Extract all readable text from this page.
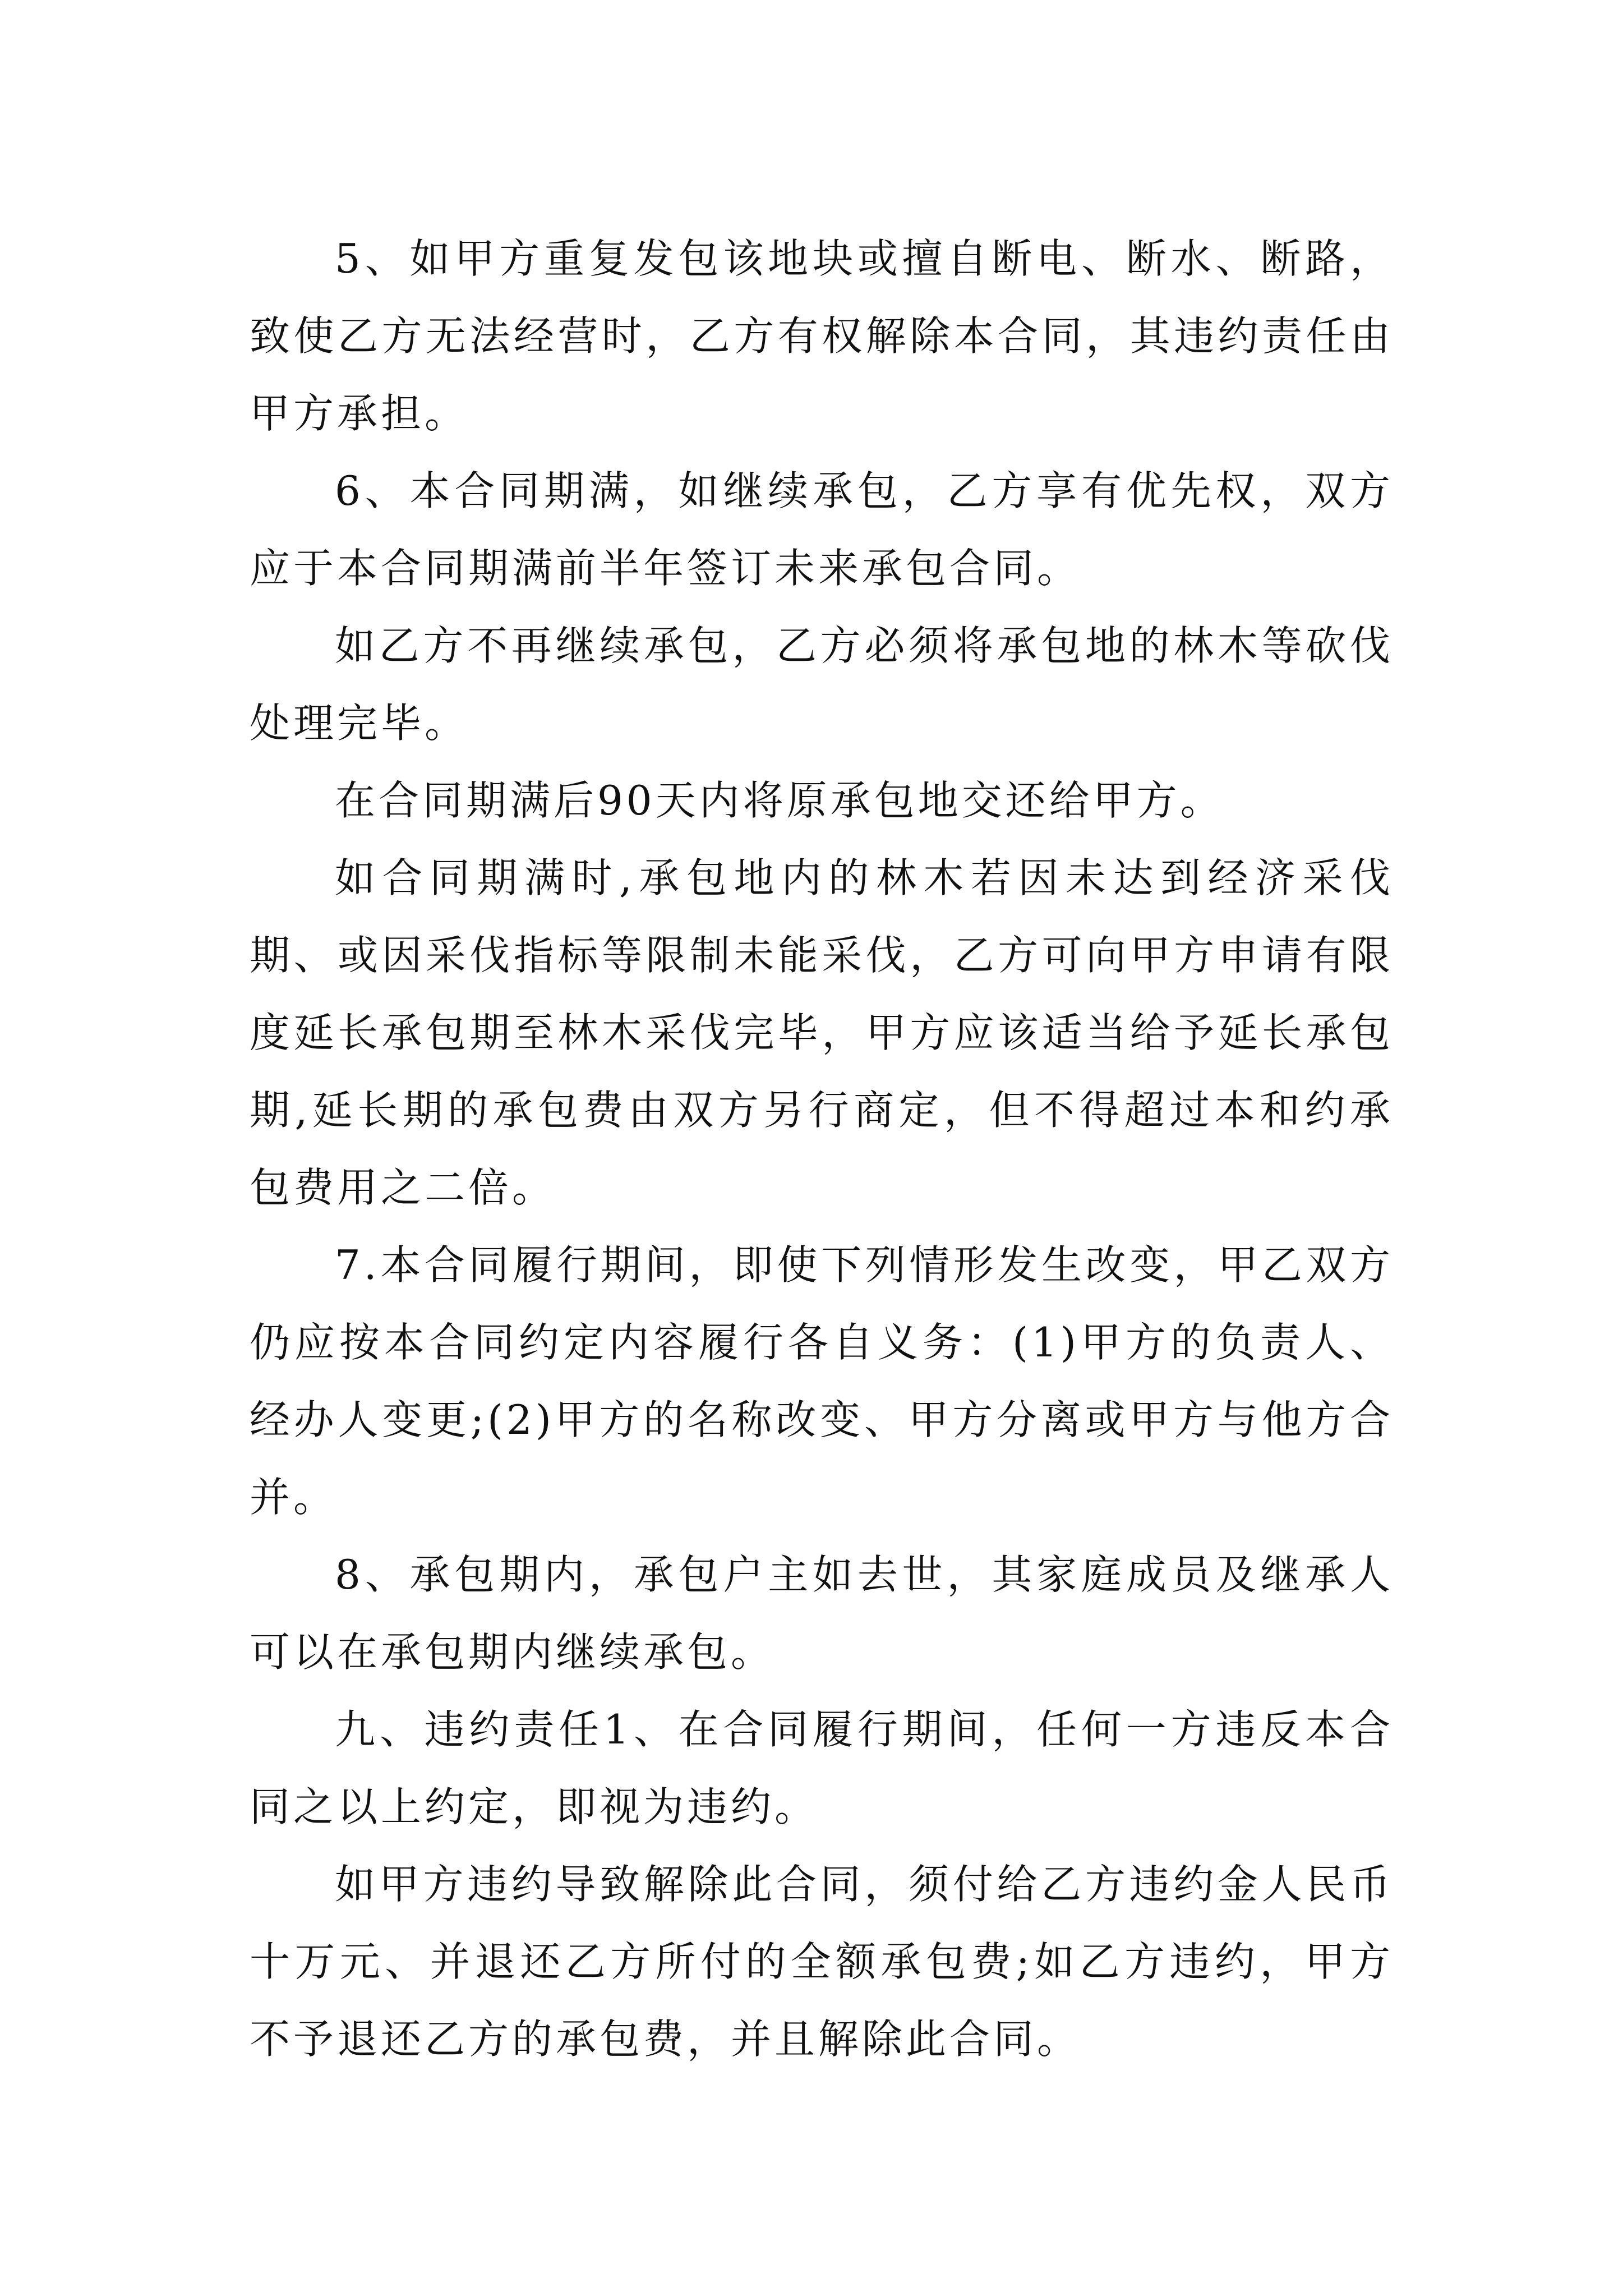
5、如甲方重复发包该地块或擅自断电、断水、断路，致使乙方无法经营时，乙方有权解除本合同，其违约责任由甲方承担。

6、本合同期满，如继续承包，乙方享有优先权，双方应于本合同期满前半年签订未来承包合同。

如乙方不再继续承包，乙方必须将承包地的林木等砍伐处理完毕。

在合同期满后90天内将原承包地交还给甲方。

如合同期满时,承包地内的林木若因未达到经济采伐期、或因采伐指标等限制未能采伐，乙方可向甲方申请有限度延长承包期至林木采伐完毕，甲方应该适当给予延长承包期,延长期的承包费由双方另行商定，但不得超过本和约承包费用之二倍。

7.本合同履行期间，即使下列情形发生改变，甲乙双方仍应按本合同约定内容履行各自义务：(1)甲方的负责人、经办人变更;(2)甲方的名称改变、甲方分离或甲方与他方合并。

8、承包期内，承包户主如去世，其家庭成员及继承人可以在承包期内继续承包。

九、违约责任1、在合同履行期间，任何一方违反本合同之以上约定，即视为违约。

如甲方违约导致解除此合同，须付给乙方违约金人民币十万元、并退还乙方所付的全额承包费;如乙方违约，甲方不予退还乙方的承包费，并且解除此合同。
